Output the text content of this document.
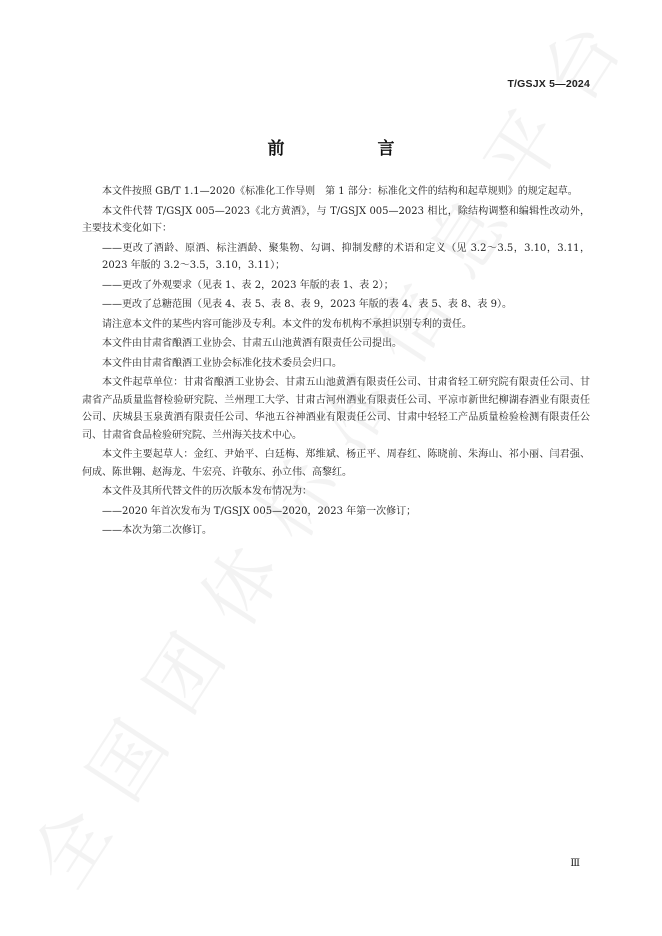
T/GSJX 5—2024
前　言

本文件按照 GB/T 1.1—2020《标准化工作导则　第 1 部分：标准化文件的结构和起草规则》的规定起草。

本文件代替 T/GSJX 005—2023《北方黄酒》，与 T/GSJX 005—2023 相比，除结构调整和编辑性改动外，主要技术变化如下：

——更改了酒龄、原酒、标注酒龄、聚集物、勾调、抑制发酵的术语和定义（见 3.2～3.5，3.10，3.11，2023 年版的 3.2～3.5，3.10，3.11）；

——更改了外观要求（见表 1、表 2，2023 年版的表 1、表 2）；

——更改了总糖范围（见表 4、表 5、表 8、表 9，2023 年版的表 4、表 5、表 8、表 9）。

请注意本文件的某些内容可能涉及专利。本文件的发布机构不承担识别专利的责任。

本文件由甘肃省酿酒工业协会、甘肃五山池黄酒有限责任公司提出。

本文件由甘肃省酿酒工业协会标准化技术委员会归口。

本文件起草单位：甘肃省酿酒工业协会、甘肃五山池黄酒有限责任公司、甘肃省轻工研究院有限责任公司、甘肃省产品质量监督检验研究院、兰州理工大学、甘肃古河州酒业有限责任公司、平凉市新世纪柳湖春酒业有限责任公司、庆城县玉泉黄酒有限责任公司、华池五谷神酒业有限责任公司、甘肃中轻轻工产品质量检验检测有限责任公司、甘肃省食品检验研究院、兰州海关技术中心。

本文件主要起草人：金红、尹始平、白廷梅、郑维斌、杨正平、周春红、陈晓前、朱海山、祁小丽、闫君强、何成、陈世翱、赵海龙、牛宏亮、许敬东、孙立伟、高黎红。

本文件及其所代替文件的历次版本发布情况为：

——2020 年首次发布为 T/GSJX 005—2020，2023 年第一次修订；

——本次为第二次修订。

Ⅲ
